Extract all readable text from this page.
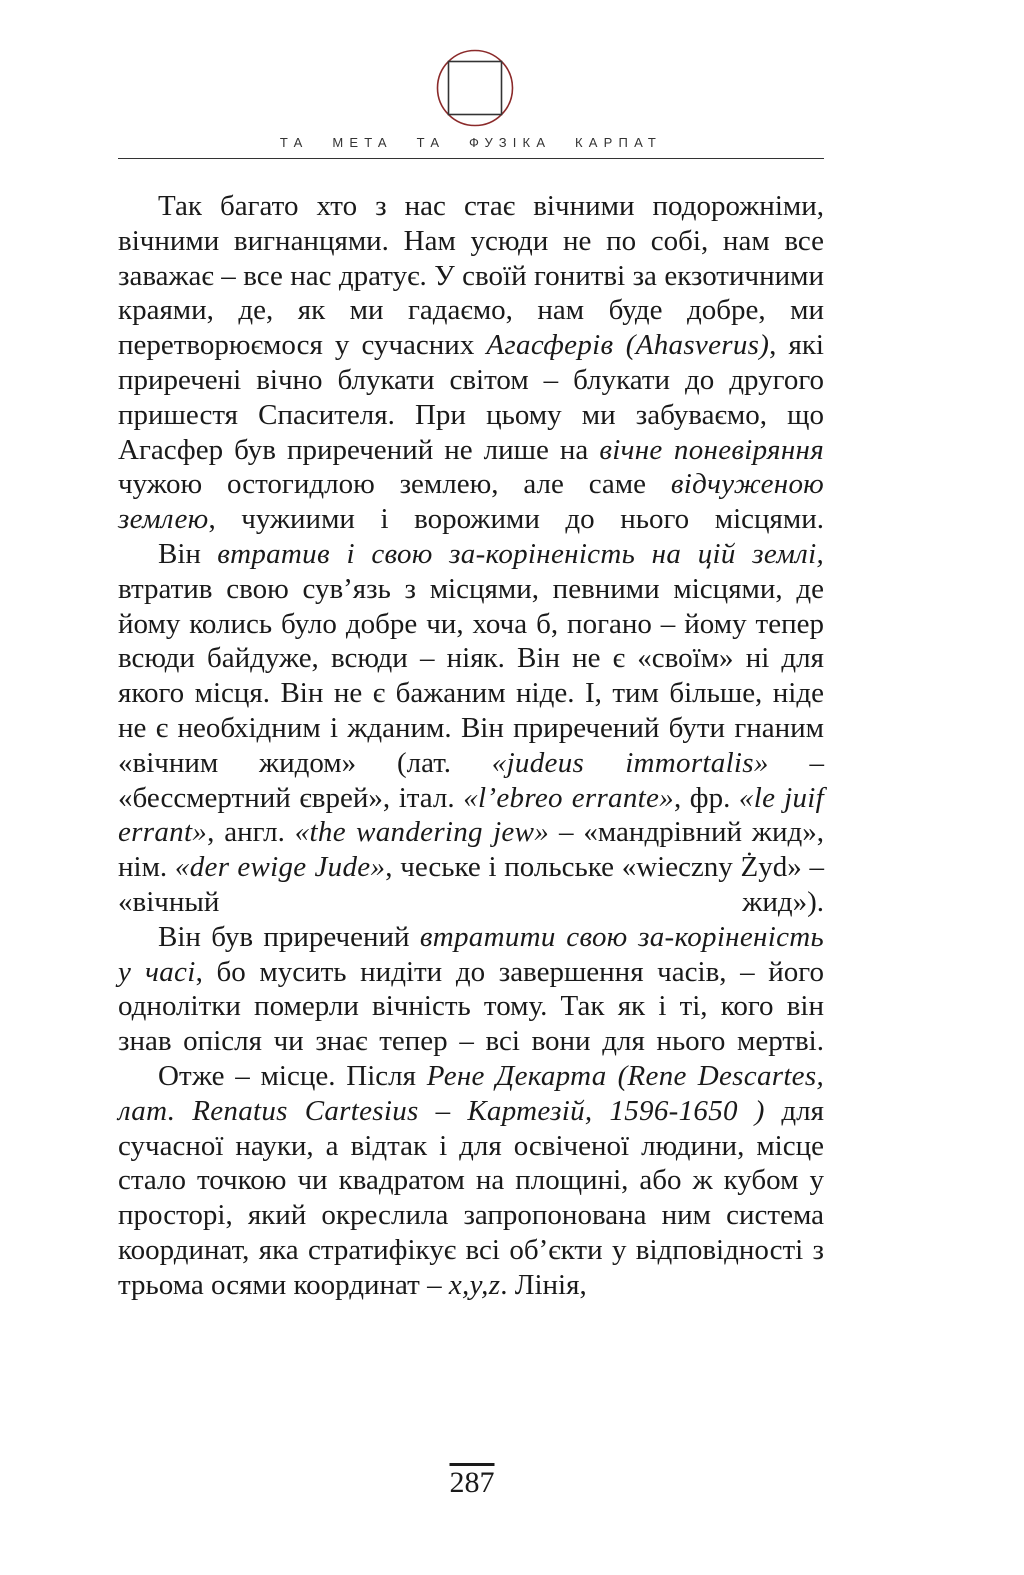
ТА МЕТА ТА ФУЗІКА КАРПАТ

Так багато хто з нас стає вічними подорожніми, вічними вигнанцями. Нам усюди не по собі, нам все заважає – все нас дратує. У своїй гонитві за екзотичними краями, де, як ми гадаємо, нам буде добре, ми перетворюємося у сучасних Агасферів (Ahasverus), які приречені вічно блукати світом – блукати до другого пришестя Спасителя. При цьому ми забуваємо, що Агасфер був приречений не лише на вічне поневіряння чужою остогидлою землею, але саме відчуженою землею, чужиими і ворожими до нього місцями.

Він втратив і свою за-коріненість на цій землі, втратив свою сув’язь з місцями, певними місцями, де йому колись було добре чи, хоча б, погано – йому тепер всюди байдуже, всюди – ніяк. Він не є «своїм» ні для якого місця. Він не є бажаним ніде. І, тим більше, ніде не є необхідним і жданим. Він приречений бути гнаним «вічним жидом» (лат. «judeus immortalis» – «бессмертний єврей», італ. «l’ebreo errante», фр. «le juif errant», англ. «the wandering jew» – «мандрівний жид», нім. «der ewige Jude», чеське і польське «wieczny Żyd» – «вічный жид»).

Він був приречений втратити свою за-коріненість у часі, бо мусить нидіти до завершення часів, – його однолітки померли вічність тому. Так як і ті, кого він знав опісля чи знає тепер – всі вони для нього мертві.

Отже – місце. Після Рене Декарта (Rene Descartes, лат. Renatus Cartesius – Картезій, 1596-1650 ) для сучасної науки, а відтак і для освіченої людини, місце стало точкою чи квадратом на площині, або ж кубом у просторі, який окреслила запропонована ним система координат, яка стратифікує всі об’єкти у відповідності з трьома осями координат – x,y,z. Лінія,

287
